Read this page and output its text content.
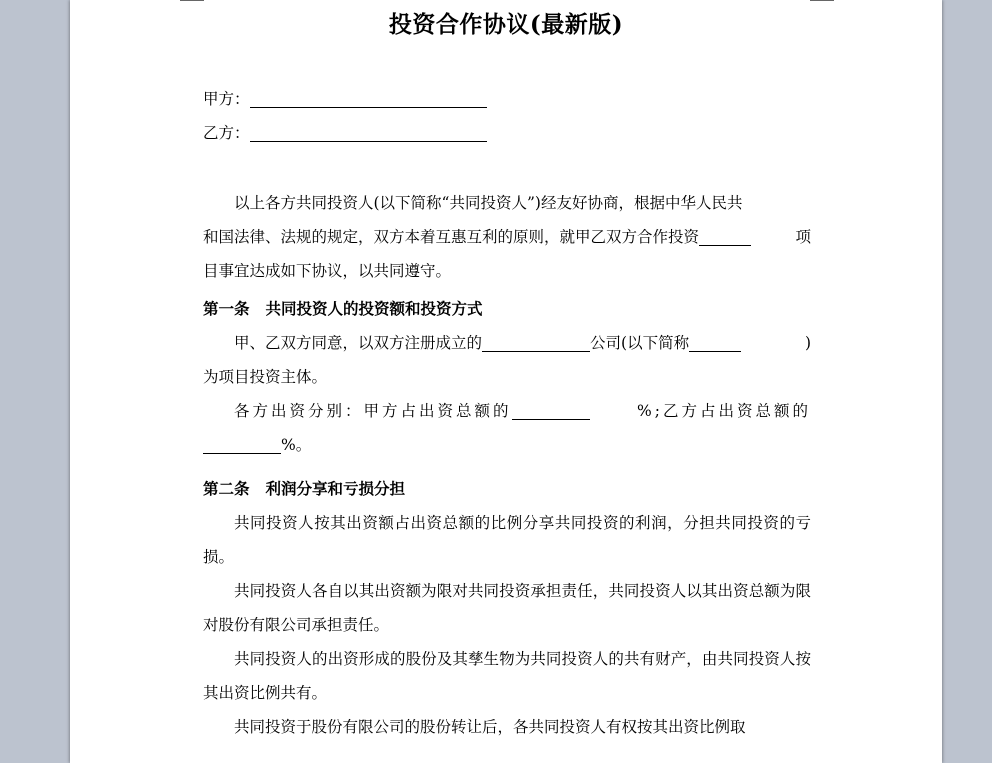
投资合作协议(最新版)
甲方：
乙方：

以上各方共同投资人(以下简称“共同投资人”)经友好协商，根据中华人民共

和国法律、法规的规定，双方本着互惠互利的原则，就甲乙双方合作投资	项

目事宜达成如下协议，以共同遵守。

第一条 共同投资人的投资额和投资方式

甲、乙双方同意，以双方注册成立的	公司(以下简称	)

为项目投资主体。

各方出资分别：甲方占出资总额的	%;乙方占出资总额的

%。

第二条 利润分享和亏损分担

共同投资人按其出资额占出资总额的比例分享共同投资的利润，分担共同投资的亏损。

共同投资人各自以其出资额为限对共同投资承担责任，共同投资人以其出资总额为限对股份有限公司承担责任。

共同投资人的出资形成的股份及其孳生物为共同投资人的共有财产，由共同投资人按其出资比例共有。

共同投资于股份有限公司的股份转让后，各共同投资人有权按其出资比例取
